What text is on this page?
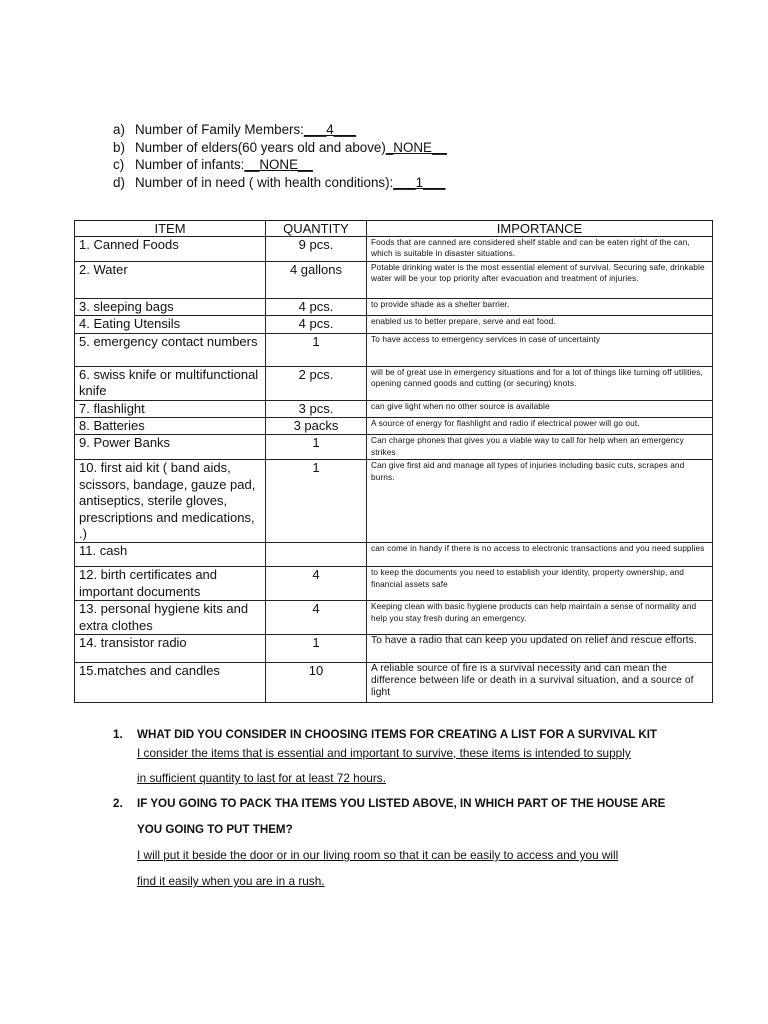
a) Number of Family Members: ___4___
b) Number of elders(60 years old and above) _NONE__
c) Number of infants: __NONE__
d) Number of in need ( with health conditions): ___1___
ITEM	QUANTITY	IMPORTANCE
1. Canned Foods	9 pcs.	Foods that are canned are considered shelf stable and can be eaten right of the can, which is suitable in disaster situations.
2. Water	4 gallons	Potable drinking water is the most essential element of survival. Securing safe, drinkable water will be your top priority after evacuation and treatment of injuries.
3. sleeping bags	4 pcs.	to provide shade as a shelter barrier.
4. Eating Utensils	4 pcs.	enabled us to better prepare, serve and eat food.
5. emergency contact numbers	1	To have access to emergency services in case of uncertainty
6. swiss knife or multifunctional knife	2 pcs.	will be of great use in emergency situations and for a lot of things like turning off utilities, opening canned goods and cutting (or securing) knots.
7. flashlight	3 pcs.	can give light when no other source is available
8. Batteries	3 packs	A source of energy for flashlight and radio if electrical power will go out.
9. Power Banks	1	Can charge phones that gives you a viable way to call for help when an emergency strikes
10. first aid kit ( band aids, scissors, bandage, gauze pad, antiseptics, sterile gloves, prescriptions and medications, .)	1	Can give first aid and manage all types of injuries including basic cuts, scrapes and burns.
11. cash		can come in handy if there is no access to electronic transactions and you need supplies
12. birth certificates and important documents	4	to keep the documents you need to establish your identity, property ownership, and financial assets safe
13. personal hygiene kits and extra clothes	4	Keeping clean with basic hygiene products can help maintain a sense of normality and help you stay fresh during an emergency.
14. transistor radio	1	To have a radio that can keep you updated on relief and rescue efforts.
15.matches and candles	10	A reliable source of fire is a survival necessity and can mean the difference between life or death in a survival situation, and a source of light
1.	WHAT DID YOU CONSIDER IN CHOOSING ITEMS FOR CREATING A LIST FOR A SURVIVAL KIT
I consider the items that is essential and important to survive, these items is intended to supply
in sufficient quantity to last for at least 72 hours.
2.	IF YOU GOING TO PACK THA ITEMS YOU LISTED ABOVE, IN WHICH PART OF THE HOUSE ARE
YOU GOING TO PUT THEM?
I will put it beside the door or in our living room so that it can be easily to access and you will
find it easily when you are in a rush.
